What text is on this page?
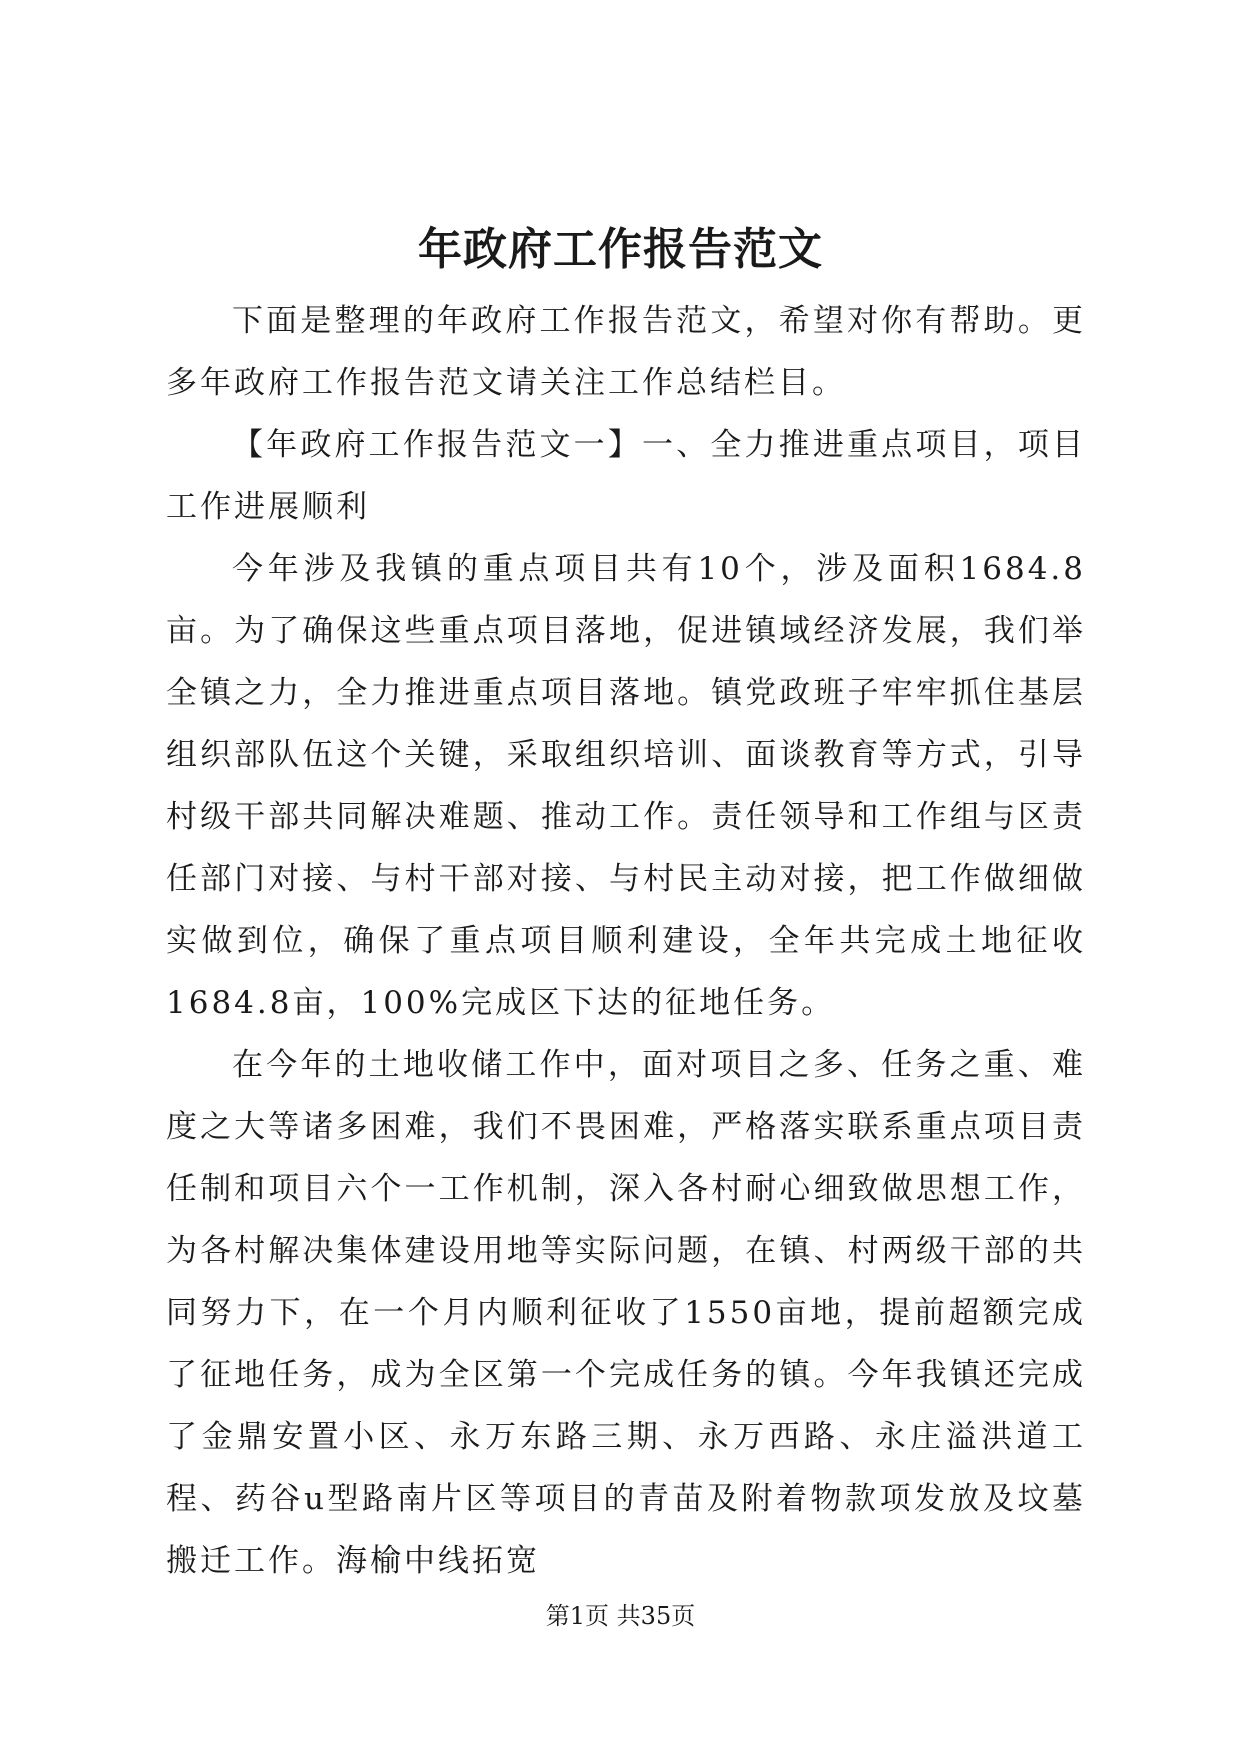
年政府工作报告范文

下面是整理的年政府工作报告范文，希望对你有帮助。更多年政府工作报告范文请关注工作总结栏目。

【年政府工作报告范文一】一、全力推进重点项目，项目工作进展顺利

今年涉及我镇的重点项目共有10个，涉及面积1684.8亩。为了确保这些重点项目落地，促进镇域经济发展，我们举全镇之力，全力推进重点项目落地。镇党政班子牢牢抓住基层组织部队伍这个关键，采取组织培训、面谈教育等方式，引导村级干部共同解决难题、推动工作。责任领导和工作组与区责任部门对接、与村干部对接、与村民主动对接，把工作做细做实做到位，确保了重点项目顺利建设，全年共完成土地征收1684.8亩，100%完成区下达的征地任务。

在今年的土地收储工作中，面对项目之多、任务之重、难度之大等诸多困难，我们不畏困难，严格落实联系重点项目责任制和项目六个一工作机制，深入各村耐心细致做思想工作，为各村解决集体建设用地等实际问题，在镇、村两级干部的共同努力下，在一个月内顺利征收了1550亩地，提前超额完成了征地任务，成为全区第一个完成任务的镇。今年我镇还完成了金鼎安置小区、永万东路三期、永万西路、永庄溢洪道工程、药谷u型路南片区等项目的青苗及附着物款项发放及坟墓搬迁工作。海榆中线拓宽

第1页 共35页
